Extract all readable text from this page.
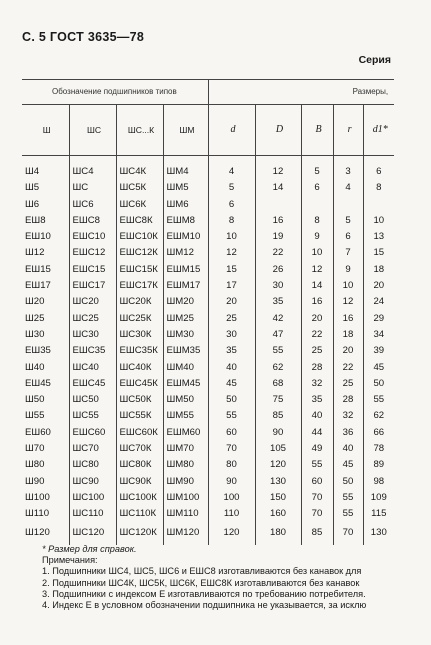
С. 5 ГОСТ 3635—78
Серия
Обозначение подшипников типов				Размеры,				
Ш	ШС	ШС...К	ШМ	d	D	B	r	d1*
Ш4	ШС4	ШС4К	ШМ4	4	12	5	3	6
Ш5	ШС	ШС5К	ШМ5	5	14	6	4	8
Ш6	ШС6	ШС6К	ШМ6	6				
ЕШ8	ЕШС8	ЕШС8К	ЕШМ8	8	16	8	5	10
ЕШ10	ЕШС10	ЕШС10К	ЕШМ10	10	19	9	6	13
Ш12	ЕШС12	ЕШС12К	ШМ12	12	22	10	7	15
ЕШ15	ЕШС15	ЕШС15К	ЕШМ15	15	26	12	9	18
ЕШ17	ЕШС17	ЕШС17К	ЕШМ17	17	30	14	10	20
Ш20	ШС20	ШС20К	ШМ20	20	35	16	12	24
Ш25	ШС25	ШС25К	ШМ25	25	42	20	16	29
Ш30	ШС30	ШС30К	ШМ30	30	47	22	18	34
ЕШ35	ЕШС35	ЕШС35К	ЕШМ35	35	55	25	20	39
Ш40	ШС40	ШС40К	ШМ40	40	62	28	22	45
ЕШ45	ЕШС45	ЕШС45К	ЕШМ45	45	68	32	25	50
Ш50	ШС50	ШС50К	ШМ50	50	75	35	28	55
Ш55	ШС55	ШС55К	ШМ55	55	85	40	32	62
ЕШ60	ЕШС60	ЕШС60К	ЕШМ60	60	90	44	36	66
Ш70	ШС70	ШС70К	ШМ70	70	105	49	40	78
Ш80	ШС80	ШС80К	ШМ80	80	120	55	45	89
Ш90	ШС90	ШС90К	ШМ90	90	130	60	50	98
Ш100	ШС100	ШС100К	ШМ100	100	150	70	55	109
Ш110	ШС110	ШС110К	ШМ110	110	160	70	55	115
Ш120	ШС120	ШС120К	ШМ120	120	180	85	70	130
* Размер для справок.
Примечания:
1. Подшипники ШС4, ШС5, ШС6 и ЕШС8 изготавливаются без канавок для
2. Подшипники ШС4К, ШС5К, ШС6К, ЕШС8К изготавливаются без канавок
3. Подшипники с индексом Е изготавливаются по требованию потребителя.
4. Индекс Е в условном обозначении подшипника не указывается, за исклю
